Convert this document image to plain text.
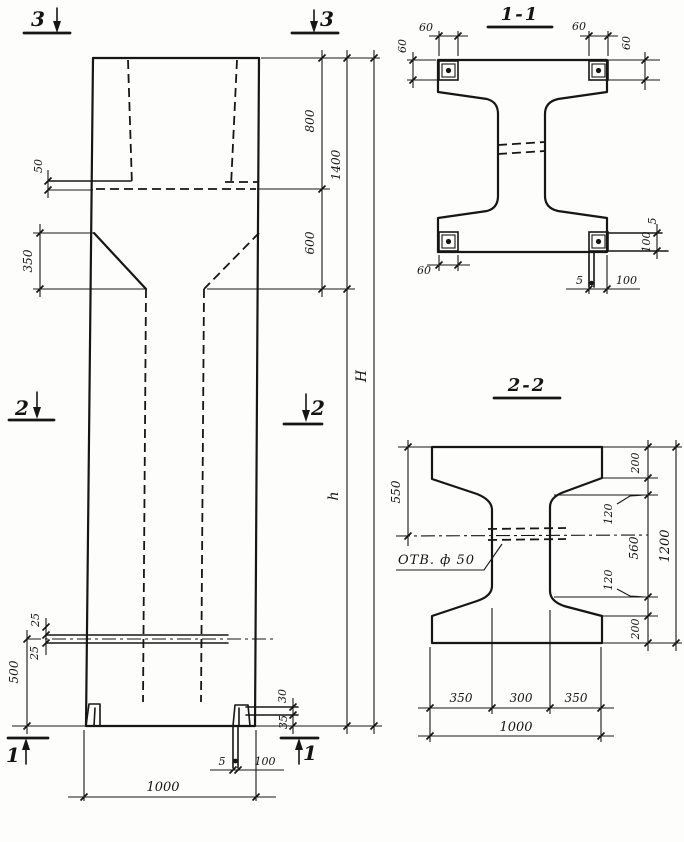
50
350
800
1400
600
H
h
25
25
500
30
35
5	100
1000
3	3
2	2
1	1
1-1
60
60
60
60
60
5	100
5
100
2-2
ОТВ. ф 50
550
200
120
560
120
200
1200
350	300	350
1000
